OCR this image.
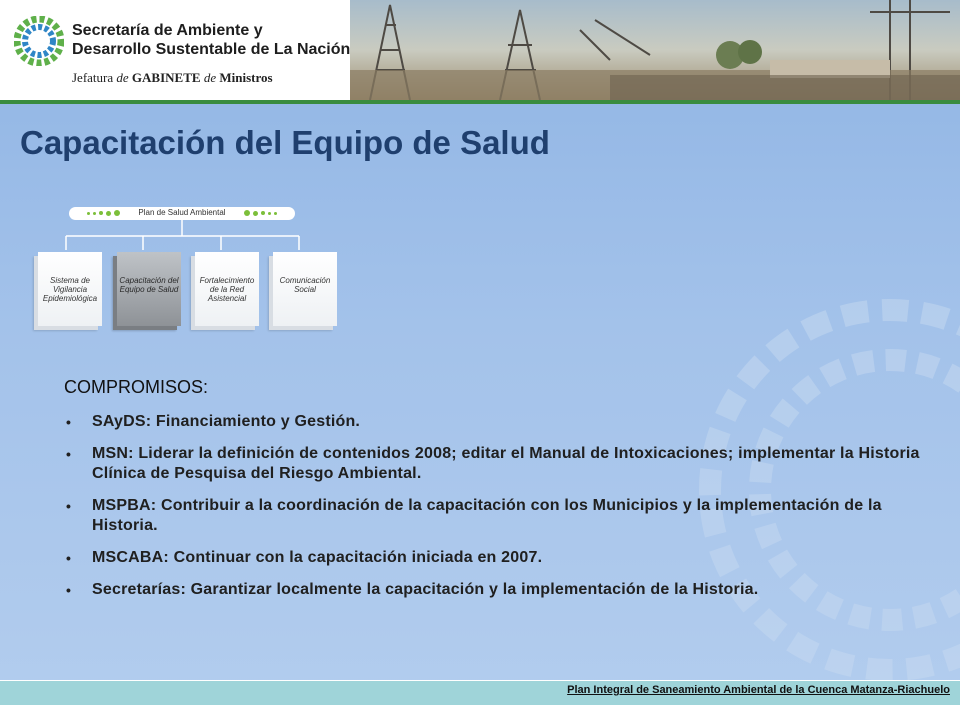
Secretaría de Ambiente y
Desarrollo Sustentable de La Nación
Jefatura de GABINETE de Ministros
Capacitación del Equipo de Salud
Plan de Salud Ambiental
Sistema de Vigilancia Epidemiológica
Capacitación del Equipo de Salud
Fortalecimiento de la Red Asistencial
Comunicación Social
COMPROMISOS:
• SAyDS: Financiamiento y Gestión.
• MSN: Liderar la definición de contenidos 2008; editar el Manual de Intoxicaciones; implementar la Historia Clínica de Pesquisa del Riesgo Ambiental.
• MSPBA: Contribuir a la coordinación de la capacitación con los Municipios y la implementación de la Historia.
• MSCABA: Continuar con la capacitación iniciada en 2007.
• Secretarías: Garantizar localmente la capacitación y la implementación de la Historia.
Plan Integral de Saneamiento Ambiental de la Cuenca Matanza-Riachuelo
